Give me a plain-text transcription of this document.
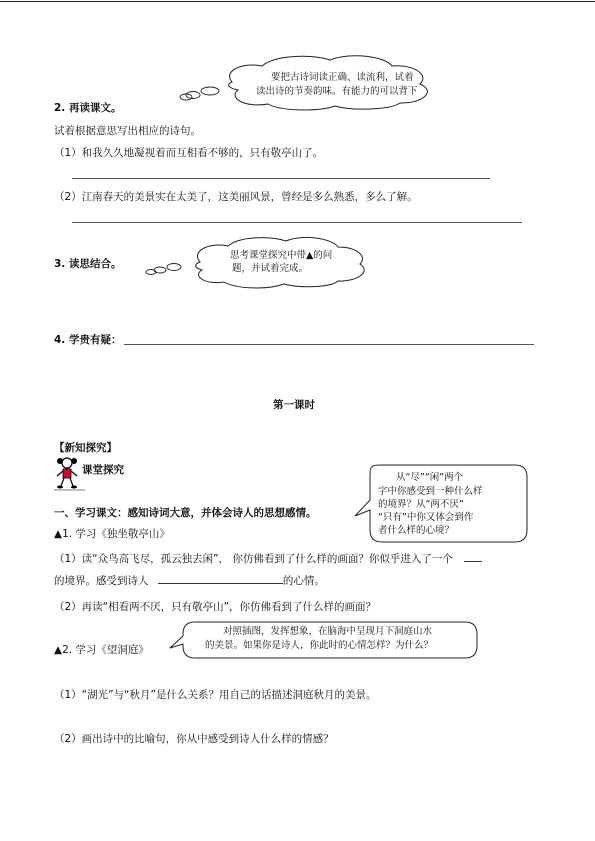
要把古诗词读正确、读流利，试着
读出诗的节奏韵味。有能力的可以背下
2. 再读课文。
试着根据意思写出相应的诗句。
（1）和我久久地凝视着而互相看不够的，只有敬亭山了。
（2）江南春天的美景实在太美了，这美丽风景，曾经是多么熟悉，多么了解。
思考课堂探究中带▲的问
题，并试着完成。
3. 读思结合。
4. 学贵有疑：
第一课时
【新知探究】
课堂探究
从“尽”“闲”两个
字中你感受到一种什么样
的境界？从“两不厌”
“只有”中你又体会到作
者什么样的心境？
一、学习课文：感知诗词大意，并体会诗人的思想感情。
▲1. 学习《独坐敬亭山》
（1）读“众鸟高飞尽，孤云独去闲”， 你仿佛看到了什么样的画面？你似乎进入了一个
的境界。感受到诗人	的心情。
（2）再读“相看两不厌，只有敬亭山”，你仿佛看到了什么样的画面？
对照插图，发挥想象，在脑海中呈现月下洞庭山水
的美景。如果你是诗人，你此时的心情怎样？为什么？
▲2. 学习《望洞庭》
（1）“湖光”与“秋月”是什么关系？用自己的话描述洞庭秋月的美景。
（2）画出诗中的比喻句，你从中感受到诗人什么样的情感？
